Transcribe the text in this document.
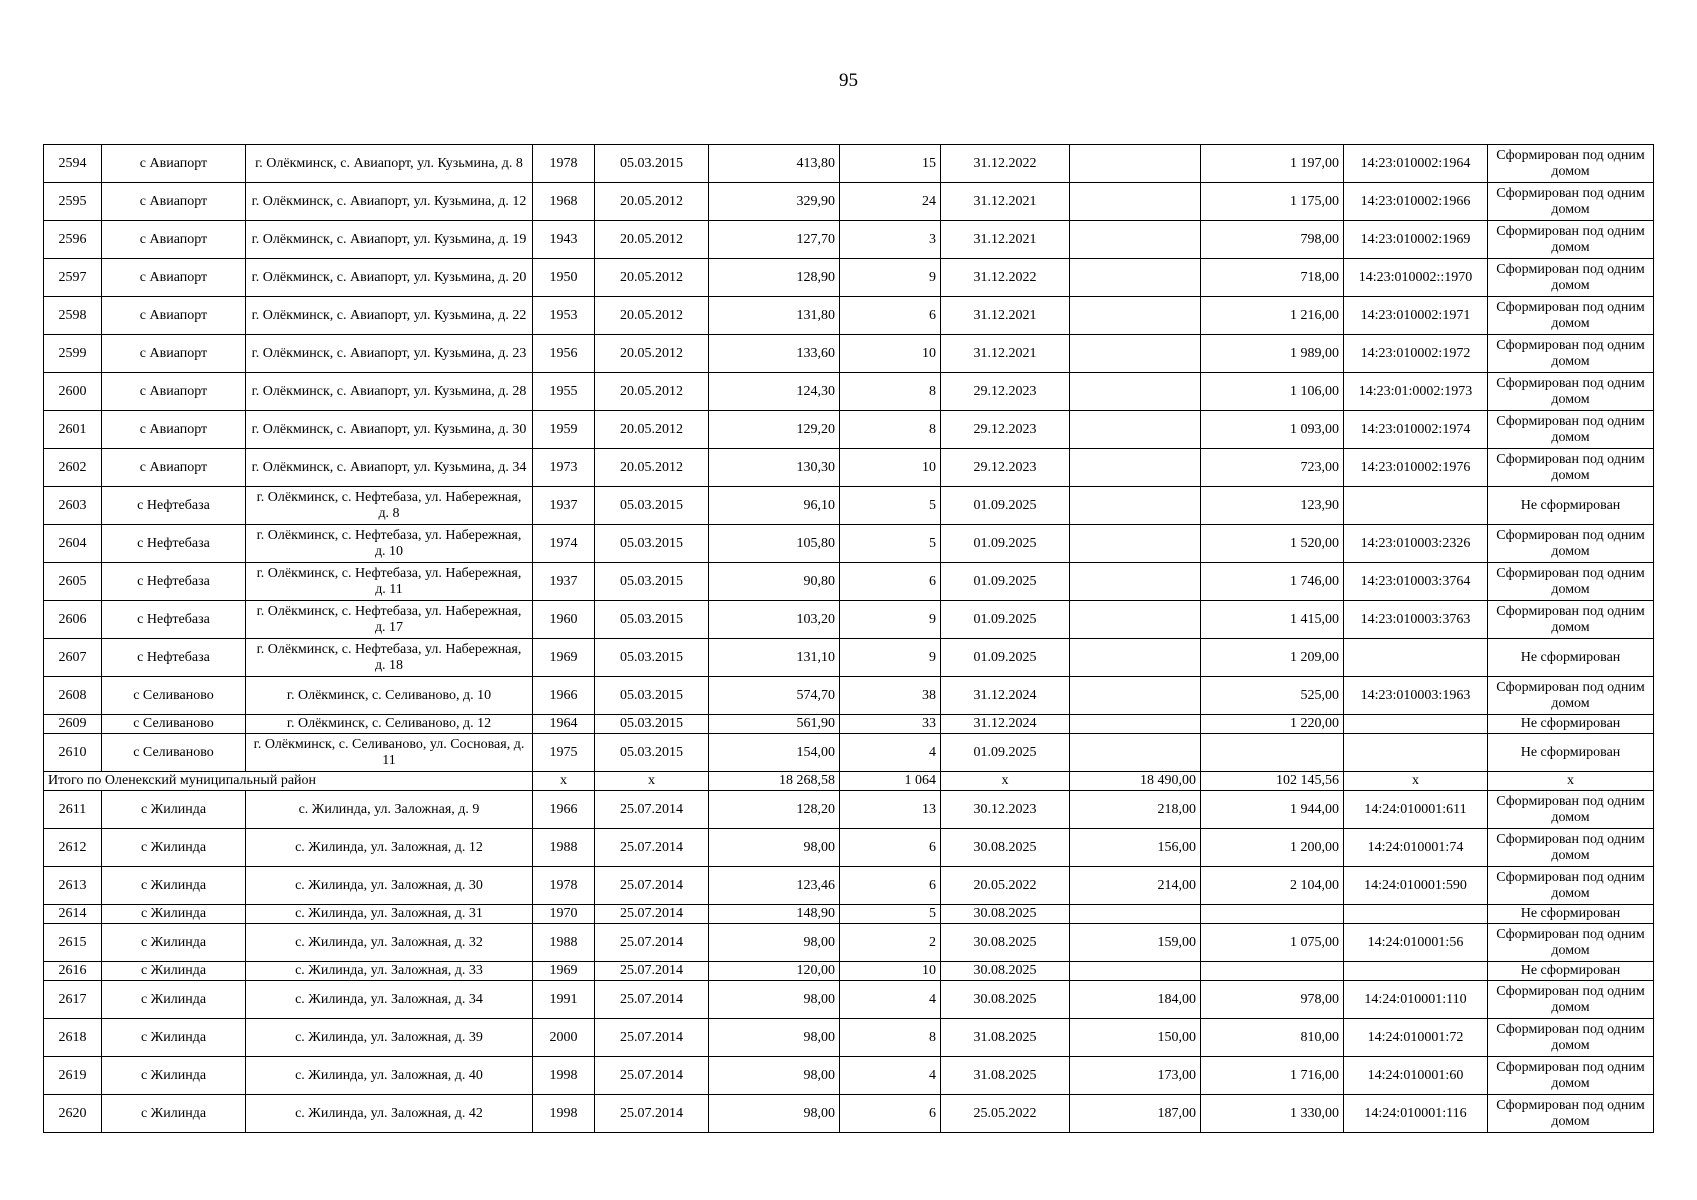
95
2594	с Авиапорт	г. Олёкминск, с. Авиапорт, ул. Кузьмина, д. 8	1978	05.03.2015	413,80	15	31.12.2022		1 197,00	14:23:010002:1964	Сформирован под одним домом
2595	с Авиапорт	г. Олёкминск, с. Авиапорт, ул. Кузьмина, д. 12	1968	20.05.2012	329,90	24	31.12.2021		1 175,00	14:23:010002:1966	Сформирован под одним домом
2596	с Авиапорт	г. Олёкминск, с. Авиапорт, ул. Кузьмина, д. 19	1943	20.05.2012	127,70	3	31.12.2021		798,00	14:23:010002:1969	Сформирован под одним домом
2597	с Авиапорт	г. Олёкминск, с. Авиапорт, ул. Кузьмина, д. 20	1950	20.05.2012	128,90	9	31.12.2022		718,00	14:23:010002::1970	Сформирован под одним домом
2598	с Авиапорт	г. Олёкминск, с. Авиапорт, ул. Кузьмина, д. 22	1953	20.05.2012	131,80	6	31.12.2021		1 216,00	14:23:010002:1971	Сформирован под одним домом
2599	с Авиапорт	г. Олёкминск, с. Авиапорт, ул. Кузьмина, д. 23	1956	20.05.2012	133,60	10	31.12.2021		1 989,00	14:23:010002:1972	Сформирован под одним домом
2600	с Авиапорт	г. Олёкминск, с. Авиапорт, ул. Кузьмина, д. 28	1955	20.05.2012	124,30	8	29.12.2023		1 106,00	14:23:01:0002:1973	Сформирован под одним домом
2601	с Авиапорт	г. Олёкминск, с. Авиапорт, ул. Кузьмина, д. 30	1959	20.05.2012	129,20	8	29.12.2023		1 093,00	14:23:010002:1974	Сформирован под одним домом
2602	с Авиапорт	г. Олёкминск, с. Авиапорт, ул. Кузьмина, д. 34	1973	20.05.2012	130,30	10	29.12.2023		723,00	14:23:010002:1976	Сформирован под одним домом
2603	с Нефтебаза	г. Олёкминск, с. Нефтебаза, ул. Набережная, д. 8	1937	05.03.2015	96,10	5	01.09.2025		123,90		Не сформирован
2604	с Нефтебаза	г. Олёкминск, с. Нефтебаза, ул. Набережная, д. 10	1974	05.03.2015	105,80	5	01.09.2025		1 520,00	14:23:010003:2326	Сформирован под одним домом
2605	с Нефтебаза	г. Олёкминск, с. Нефтебаза, ул. Набережная, д. 11	1937	05.03.2015	90,80	6	01.09.2025		1 746,00	14:23:010003:3764	Сформирован под одним домом
2606	с Нефтебаза	г. Олёкминск, с. Нефтебаза, ул. Набережная, д. 17	1960	05.03.2015	103,20	9	01.09.2025		1 415,00	14:23:010003:3763	Сформирован под одним домом
2607	с Нефтебаза	г. Олёкминск, с. Нефтебаза, ул. Набережная, д. 18	1969	05.03.2015	131,10	9	01.09.2025		1 209,00		Не сформирован
2608	с Селиваново	г. Олёкминск, с. Селиваново, д. 10	1966	05.03.2015	574,70	38	31.12.2024		525,00	14:23:010003:1963	Сформирован под одним домом
2609	с Селиваново	г. Олёкминск, с. Селиваново, д. 12	1964	05.03.2015	561,90	33	31.12.2024		1 220,00		Не сформирован
2610	с Селиваново	г. Олёкминск, с. Селиваново, ул. Сосновая, д. 11	1975	05.03.2015	154,00	4	01.09.2025				Не сформирован
Итого по Оленекский муниципальный район			x	x	18 268,58	1 064	x	18 490,00	102 145,56	x	x
2611	с Жилинда	с. Жилинда, ул. Заложная, д. 9	1966	25.07.2014	128,20	13	30.12.2023	218,00	1 944,00	14:24:010001:611	Сформирован под одним домом
2612	с Жилинда	с. Жилинда, ул. Заложная, д. 12	1988	25.07.2014	98,00	6	30.08.2025	156,00	1 200,00	14:24:010001:74	Сформирован под одним домом
2613	с Жилинда	с. Жилинда, ул. Заложная, д. 30	1978	25.07.2014	123,46	6	20.05.2022	214,00	2 104,00	14:24:010001:590	Сформирован под одним домом
2614	с Жилинда	с. Жилинда, ул. Заложная, д. 31	1970	25.07.2014	148,90	5	30.08.2025				Не сформирован
2615	с Жилинда	с. Жилинда, ул. Заложная, д. 32	1988	25.07.2014	98,00	2	30.08.2025	159,00	1 075,00	14:24:010001:56	Сформирован под одним домом
2616	с Жилинда	с. Жилинда, ул. Заложная, д. 33	1969	25.07.2014	120,00	10	30.08.2025				Не сформирован
2617	с Жилинда	с. Жилинда, ул. Заложная, д. 34	1991	25.07.2014	98,00	4	30.08.2025	184,00	978,00	14:24:010001:110	Сформирован под одним домом
2618	с Жилинда	с. Жилинда, ул. Заложная, д. 39	2000	25.07.2014	98,00	8	31.08.2025	150,00	810,00	14:24:010001:72	Сформирован под одним домом
2619	с Жилинда	с. Жилинда, ул. Заложная, д. 40	1998	25.07.2014	98,00	4	31.08.2025	173,00	1 716,00	14:24:010001:60	Сформирован под одним домом
2620	с Жилинда	с. Жилинда, ул. Заложная, д. 42	1998	25.07.2014	98,00	6	25.05.2022	187,00	1 330,00	14:24:010001:116	Сформирован под одним домом
